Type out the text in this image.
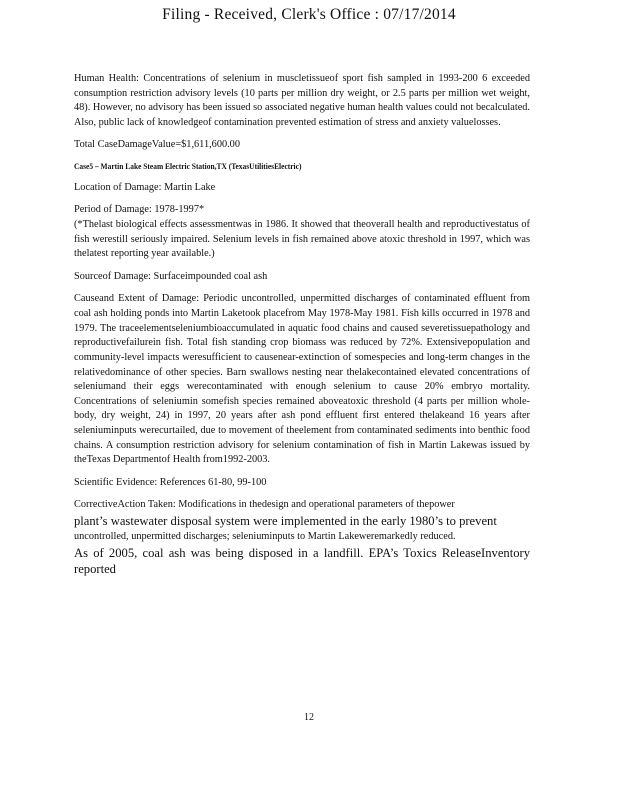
Filing - Received, Clerk's Office : 07/17/2014

Human Health: Concentrations of selenium in muscletissueof sport fish sampled in 1993-200 6 exceeded consumption restriction advisory levels (10 parts per million dry weight, or 2.5 parts per million wet weight, 48). However, no advisory has been issued so associated negative human health values could not becalculated. Also, public lack of knowledgeof contamination prevented estimation of stress and anxiety valuelosses.

Total CaseDamageValue=$1,611,600.00

Case5 – Martin Lake Steam Electric Station,TX (TexasUtilitiesElectric)

Location of Damage: Martin Lake

Period of Damage: 1978-1997*

(*Thelast biological effects assessmentwas in 1986. It showed that theoverall health and reproductivestatus of fish werestill seriously impaired. Selenium levels in fish remained above atoxic threshold in 1997, which was thelatest reporting year available.)

Sourceof Damage: Surfaceimpounded coal ash

Causeand Extent of Damage: Periodic uncontrolled, unpermitted discharges of contaminated effluent from coal ash holding ponds into Martin Laketook placefrom May 1978-May 1981. Fish kills occurred in 1978 and 1979. The traceelementseleniumbioaccumulated in aquatic food chains and caused severetissuepathology and reproductivefailurein fish. Total fish standing crop biomass was reduced by 72%. Extensivepopulation and community-level impacts weresufficient to causenear-extinction of somespecies and long-term changes in the relativedominance of other species. Barn swallows nesting near thelakecontained elevated concentrations of seleniumand their eggs werecontaminated with enough selenium to cause 20% embryo mortality. Concentrations of seleniumin somefish species remained aboveatoxic threshold (4 parts per million whole-body, dry weight, 24) in 1997, 20 years after ash pond effluent first entered thelakeand 16 years after seleniuminputs werecurtailed, due to movement of theelement from contaminated sediments into benthic food chains. A consumption restriction advisory for selenium contamination of fish in Martin Lakewas issued by theTexas Departmentof Health from1992-2003.

Scientific Evidence: References 61-80, 99-100

CorrectiveAction Taken: Modifications in thedesign and operational parameters of thepower
plant’s wastewater disposal system were implemented in the early 1980’s to prevent
uncontrolled, unpermitted discharges; seleniuminputs to Martin Lakeweremarkedly reduced.
As of 2005, coal ash was being disposed in a landfill. EPA’s Toxics ReleaseInventory reported
12
